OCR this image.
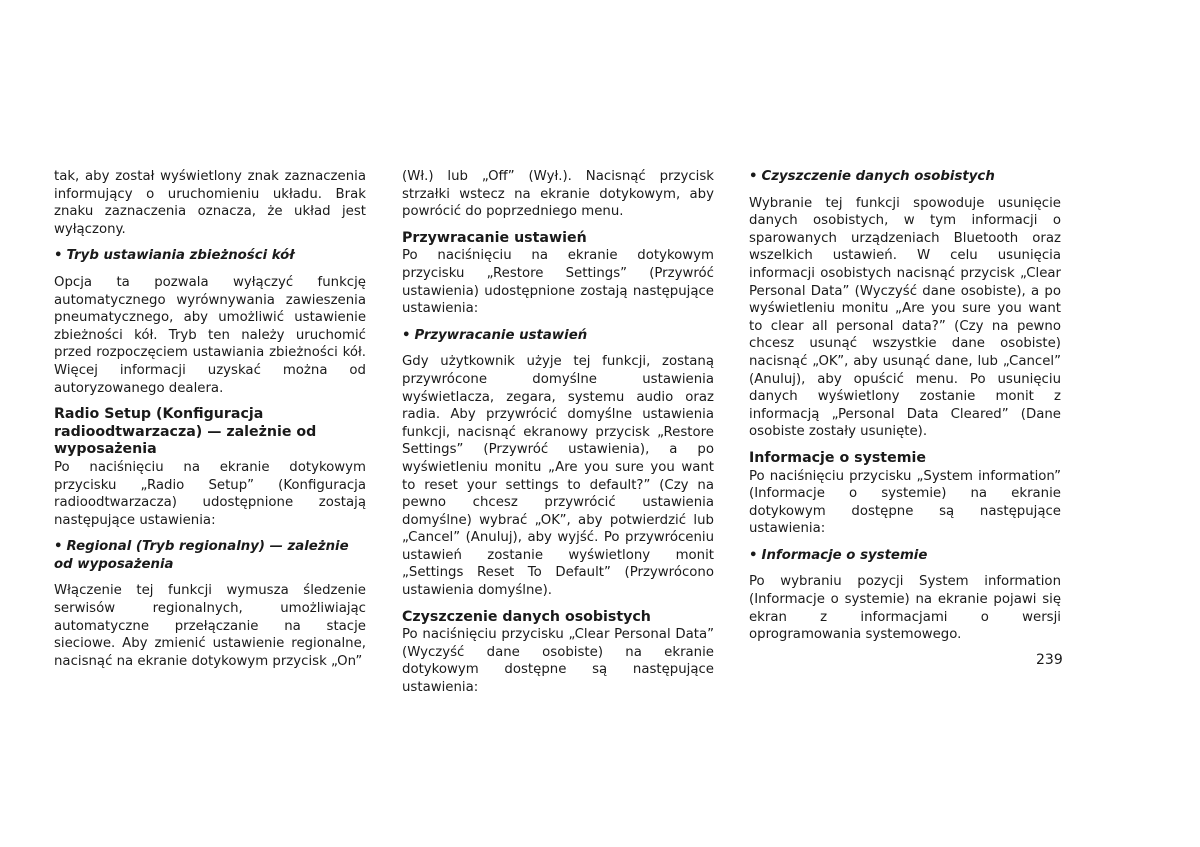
tak, aby został wyświetlony znak zaznaczenia informujący o uruchomieniu układu. Brak znaku zaznaczenia oznacza, że układ jest wyłączony.

• Tryb ustawiania zbieżności kół

Opcja ta pozwala wyłączyć funkcję automatycznego wyrównywania zawieszenia pneumatycznego, aby umożliwić ustawienie zbieżności kół. Tryb ten należy uruchomić przed rozpoczęciem ustawiania zbieżności kół. Więcej informacji uzyskać można od autoryzowanego dealera.

Radio Setup (Konfiguracja radioodtwarzacza) — zależnie od wyposażenia

Po naciśnięciu na ekranie dotykowym przycisku „Radio Setup” (Konfiguracja radioodtwarzacza) udostępnione zostają następujące ustawienia:

• Regional (Tryb regionalny) — zależnie od wyposażenia

Włączenie tej funkcji wymusza śledzenie serwisów regionalnych, umożliwiając automatyczne przełączanie na stacje sieciowe. Aby zmienić ustawienie regionalne, nacisnąć na ekranie dotykowym przycisk „On”

(Wł.) lub „Off” (Wył.). Nacisnąć przycisk strzałki wstecz na ekranie dotykowym, aby powrócić do poprzedniego menu.

Przywracanie ustawień

Po naciśnięciu na ekranie dotykowym przycisku „Restore Settings” (Przywróć ustawienia) udostępnione zostają następujące ustawienia:

• Przywracanie ustawień

Gdy użytkownik użyje tej funkcji, zostaną przywrócone domyślne ustawienia wyświetlacza, zegara, systemu audio oraz radia. Aby przywrócić domyślne ustawienia funkcji, nacisnąć ekranowy przycisk „Restore Settings” (Przywróć ustawienia), a po wyświetleniu monitu „Are you sure you want to reset your settings to default?” (Czy na pewno chcesz przywrócić ustawienia domyślne) wybrać „OK”, aby potwierdzić lub „Cancel” (Anuluj), aby wyjść. Po przywróceniu ustawień zostanie wyświetlony monit „Settings Reset To Default” (Przywrócono ustawienia domyślne).

Czyszczenie danych osobistych

Po naciśnięciu przycisku „Clear Personal Data” (Wyczyść dane osobiste) na ekranie dotykowym dostępne są następujące ustawienia:

• Czyszczenie danych osobistych

Wybranie tej funkcji spowoduje usunięcie danych osobistych, w tym informacji o sparowanych urządzeniach Bluetooth oraz wszelkich ustawień. W celu usunięcia informacji osobistych nacisnąć przycisk „Clear Personal Data” (Wyczyść dane osobiste), a po wyświetleniu monitu „Are you sure you want to clear all personal data?” (Czy na pewno chcesz usunąć wszystkie dane osobiste) nacisnąć „OK”, aby usunąć dane, lub „Cancel” (Anuluj), aby opuścić menu. Po usunięciu danych wyświetlony zostanie monit z informacją „Personal Data Cleared” (Dane osobiste zostały usunięte).

Informacje o systemie

Po naciśnięciu przycisku „System information” (Informacje o systemie) na ekranie dotykowym dostępne są następujące ustawienia:

• Informacje o systemie

Po wybraniu pozycji System information (Informacje o systemie) na ekranie pojawi się ekran z informacjami o wersji oprogramowania systemowego.

239
